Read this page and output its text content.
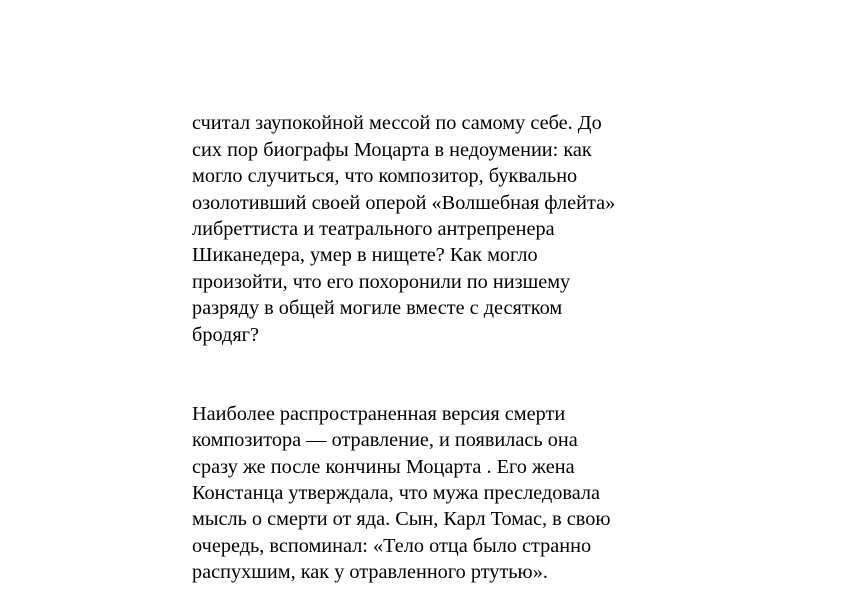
считал заупокойной мессой по самому себе. До
сих пор биографы Моцарта в недоумении: как
могло случиться, что композитор, буквально
озолотивший своей оперой «Волшебная флейта»
либреттиста и театрального антрепренера
Шиканедера, умер в нищете? Как могло
произойти, что его похоронили по низшему
разряду в общей могиле вместе с десятком
бродяг?

Наиболее распространенная версия смерти
композитора — отравление, и появилась она
сразу же после кончины Моцарта . Его жена
Констанца утверждала, что мужа преследовала
мысль о смерти от яда. Сын, Карл Томас, в свою
очередь, вспоминал: «Тело отца было странно
распухшим, как у отравленного ртутью».
